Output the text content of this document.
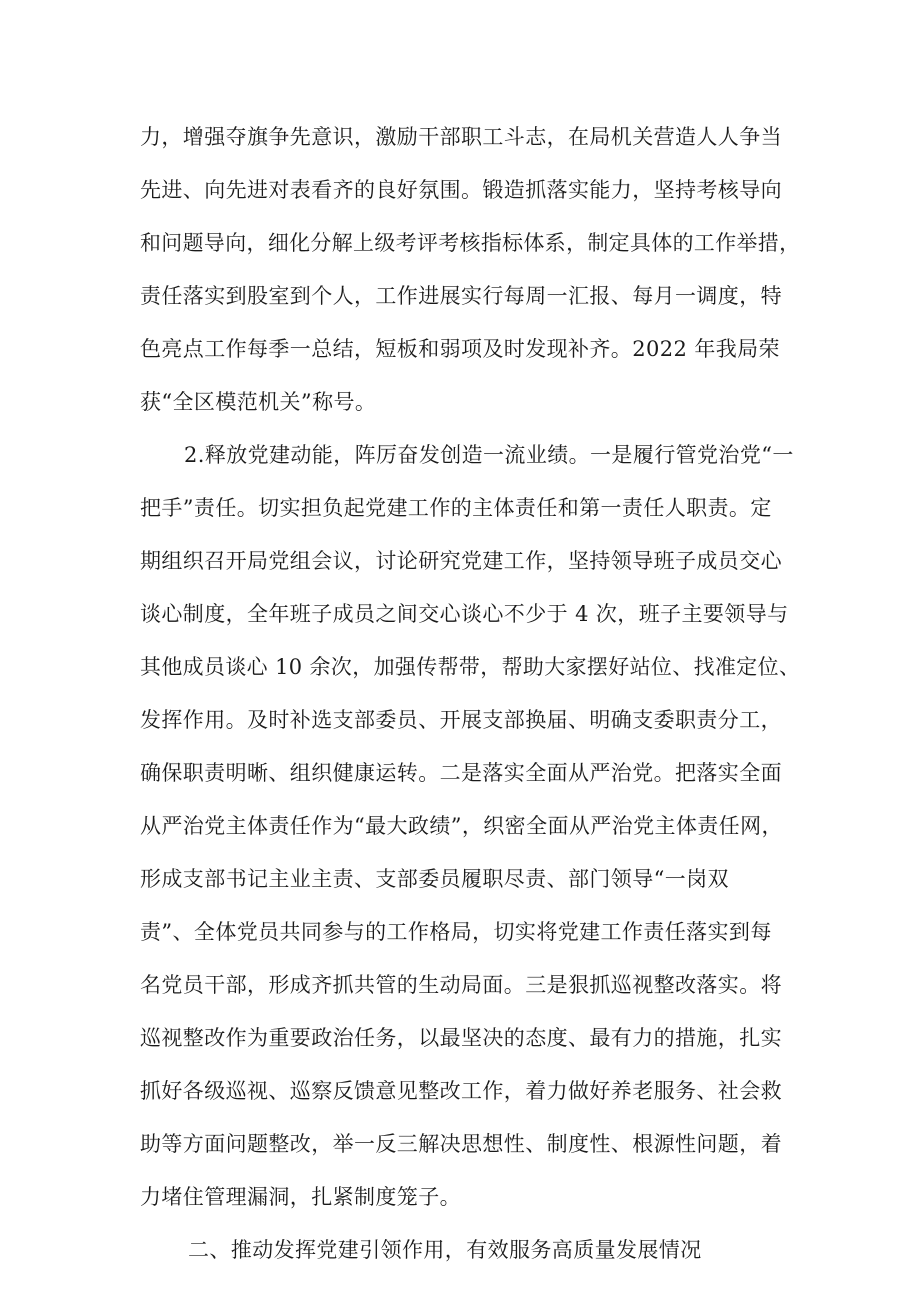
力，增强夺旗争先意识，激励干部职工斗志，在局机关营造人人争当
先进、向先进对表看齐的良好氛围。锻造抓落实能力，坚持考核导向
和问题导向，细化分解上级考评考核指标体系，制定具体的工作举措，
责任落实到股室到个人，工作进展实行每周一汇报、每月一调度，特
色亮点工作每季一总结，短板和弱项及时发现补齐。2022 年我局荣
获“全区模范机关”称号。
2.释放党建动能，阵厉奋发创造一流业绩。一是履行管党治党“一
把手”责任。切实担负起党建工作的主体责任和第一责任人职责。定
期组织召开局党组会议，讨论研究党建工作，坚持领导班子成员交心
谈心制度，全年班子成员之间交心谈心不少于 4 次，班子主要领导与
其他成员谈心 10 余次，加强传帮带，帮助大家摆好站位、找准定位、
发挥作用。及时补选支部委员、开展支部换届、明确支委职责分工，
确保职责明晰、组织健康运转。二是落实全面从严治党。把落实全面
从严治党主体责任作为“最大政绩”，织密全面从严治党主体责任网，
形成支部书记主业主责、支部委员履职尽责、部门领导“一岗双
责”、全体党员共同参与的工作格局，切实将党建工作责任落实到每
名党员干部，形成齐抓共管的生动局面。三是狠抓巡视整改落实。将
巡视整改作为重要政治任务，以最坚决的态度、最有力的措施，扎实
抓好各级巡视、巡察反馈意见整改工作，着力做好养老服务、社会救
助等方面问题整改，举一反三解决思想性、制度性、根源性问题，着
力堵住管理漏洞，扎紧制度笼子。
二、推动发挥党建引领作用，有效服务高质量发展情况
